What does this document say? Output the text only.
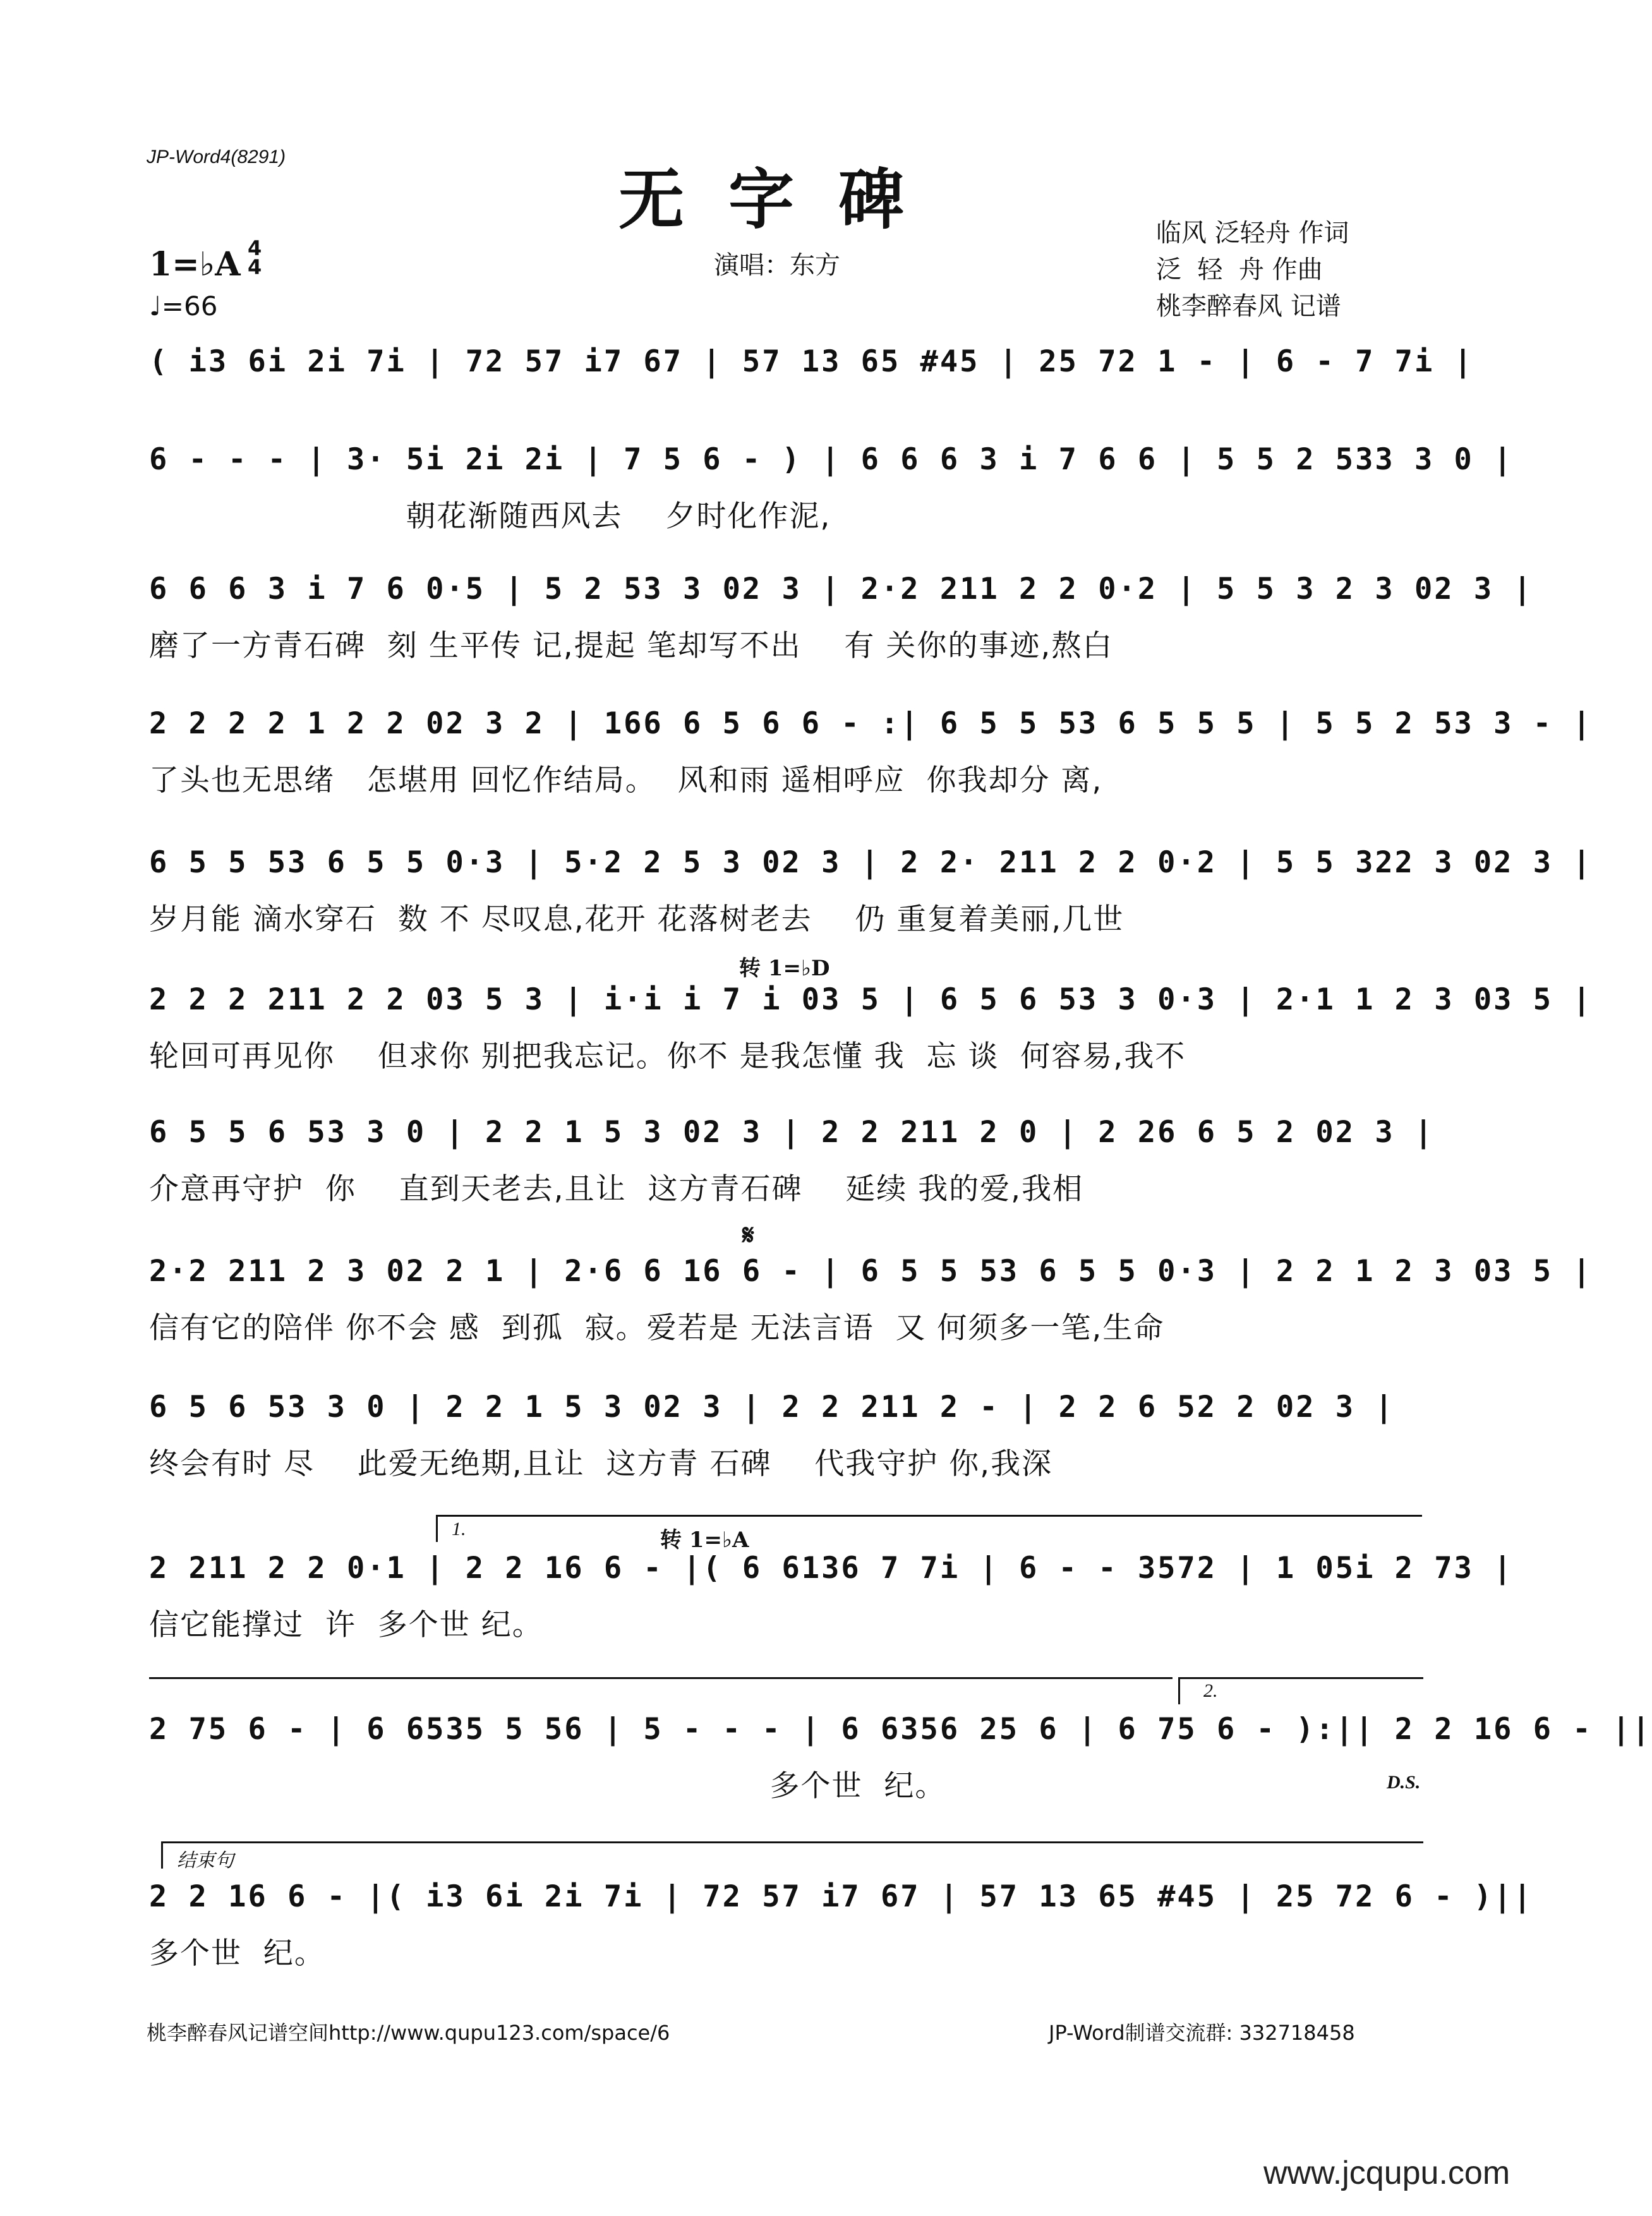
JP-Word4(8291)
无字碑
1=♭A 4
4
♩=66
演唱：东方
临风 泛轻舟 作词
泛  轻  舟 作曲
桃李醉春风 记谱
( i3 6i 2i 7i | 72 57 i7 67 | 57 13 65 #45 | 25 72 1 - | 6 - 7 7i |
6 - - - | 3· 5i 2i 2i | 7 5 6 - ) | 6 6 6 3 i 7 6 6 | 5 5 2 533 3 0 |
朝花渐随西风去    夕时化作泥,
6 6 6 3 i 7 6 0·5 | 5 2 53 3 02 3 | 2·2 211 2 2 0·2 | 5 5 3 2 3 02 3 |
磨了一方青石碑  刻 生平传 记,提起 笔却写不出    有 关你的事迹,熬白
2 2 2 2 1 2 2 02 3 2 | 166 6 5 6 6 - :| 6 5 5 53 6 5 5 5 | 5 5 2 53 3 - |
了头也无思绪   怎堪用 回忆作结局。  风和雨 遥相呼应  你我却分 离,
6 5 5 53 6 5 5 0·3 | 5·2 2 5 3 02 3 | 2 2· 211 2 2 0·2 | 5 5 322 3 02 3 |
岁月能 滴水穿石  数 不 尽叹息,花开 花落树老去    仍 重复着美丽,几世
转 1=♭D
2 2 2 211 2 2 03 5 3 | i·i i 7 i 03 5 | 6 5 6 53 3 0·3 | 2·1 1 2 3 03 5 |
轮回可再见你    但求你 别把我忘记。你不 是我怎懂 我  忘 谈  何容易,我不
6 5 5 6 53 3 0 | 2 2 1 5 3 02 3 | 2 2 211 2 0 | 2 26 6 5 2 02 3 |
介意再守护  你    直到天老去,且让  这方青石碑    延续 我的爱,我相
𝄋
2·2 211 2 3 02 2 1 | 2·6 6 16 6 - | 6 5 5 53 6 5 5 0·3 | 2 2 1 2 3 03 5 |
信有它的陪伴 你不会 感  到孤  寂。爱若是 无法言语  又 何须多一笔,生命
6 5 6 53 3 0 | 2 2 1 5 3 02 3 | 2 2 211 2 - | 2 2 6 52 2 02 3 |
终会有时 尽    此爱无绝期,且让  这方青 石碑    代我守护 你,我深
1.	转 1=♭A
2 211 2 2 0·1 | 2 2 16 6 - |( 6 6136 7 7i | 6 - - 3572 | 1 05i 2 73 |
信它能撑过  许  多个世 纪。
2.
2 75 6 - | 6 6535 5 56 | 5 - - - | 6 6356 25 6 | 6 75 6 - ):|| 2 2 16 6 - ||
多个世  纪。	D.S.
结束句
2 2 16 6 - |( i3 6i 2i 7i | 72 57 i7 67 | 57 13 65 #45 | 25 72 6 - )||
多个世  纪。
桃李醉春风记谱空间http://www.qupu123.com/space/6	JP-Word制谱交流群: 332718458
www.jcqupu.com
